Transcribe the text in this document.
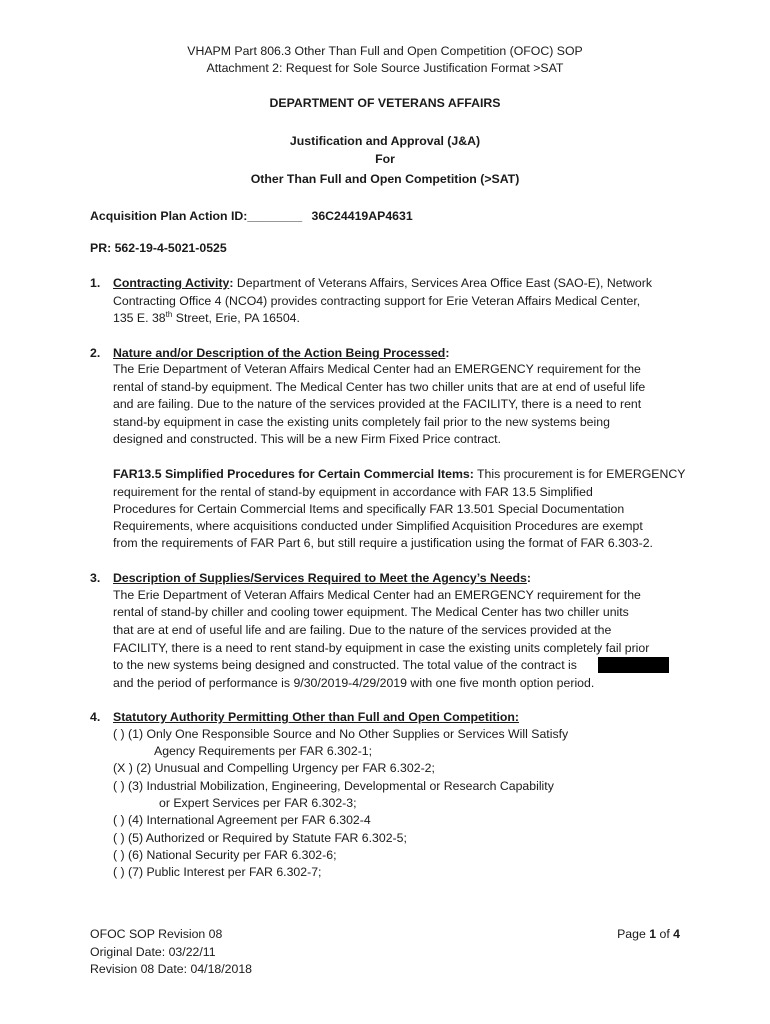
VHAPM Part 806.3 Other Than Full and Open Competition (OFOC) SOP
Attachment 2: Request for Sole Source Justification Format >SAT
DEPARTMENT OF VETERANS AFFAIRS
Justification and Approval (J&A)
For
Other Than Full and Open Competition (>SAT)
Acquisition Plan Action ID:________ 36C24419AP4631
PR: 562-19-4-5021-0525
1. Contracting Activity: Department of Veterans Affairs, Services Area Office East (SAO-E), Network
Contracting Office 4 (NCO4) provides contracting support for Erie Veteran Affairs Medical Center,
135 E. 38th Street, Erie, PA 16504.
2. Nature and/or Description of the Action Being Processed:
The Erie Department of Veteran Affairs Medical Center had an EMERGENCY requirement for the
rental of stand-by equipment. The Medical Center has two chiller units that are at end of useful life
and are failing. Due to the nature of the services provided at the FACILITY, there is a need to rent
stand-by equipment in case the existing units completely fail prior to the new systems being
designed and constructed. This will be a new Firm Fixed Price contract.
FAR13.5 Simplified Procedures for Certain Commercial Items: This procurement is for EMERGENCY
requirement for the rental of stand-by equipment in accordance with FAR 13.5 Simplified
Procedures for Certain Commercial Items and specifically FAR 13.501 Special Documentation
Requirements, where acquisitions conducted under Simplified Acquisition Procedures are exempt
from the requirements of FAR Part 6, but still require a justification using the format of FAR 6.303-2.
3. Description of Supplies/Services Required to Meet the Agency’s Needs:
The Erie Department of Veteran Affairs Medical Center had an EMERGENCY requirement for the
rental of stand-by chiller and cooling tower equipment. The Medical Center has two chiller units
that are at end of useful life and are failing. Due to the nature of the services provided at the
FACILITY, there is a need to rent stand-by equipment in case the existing units completely fail prior
to the new systems being designed and constructed. The total value of the contract is
and the period of performance is 9/30/2019-4/29/2019 with one five month option period.
4. Statutory Authority Permitting Other than Full and Open Competition:
( ) (1) Only One Responsible Source and No Other Supplies or Services Will Satisfy
Agency Requirements per FAR 6.302-1;
(X ) (2) Unusual and Compelling Urgency per FAR 6.302-2;
( ) (3) Industrial Mobilization, Engineering, Developmental or Research Capability
or Expert Services per FAR 6.302-3;
( ) (4) International Agreement per FAR 6.302-4
( ) (5) Authorized or Required by Statute FAR 6.302-5;
( ) (6) National Security per FAR 6.302-6;
( ) (7) Public Interest per FAR 6.302-7;
OFOC SOP Revision 08
Original Date: 03/22/11
Revision 08 Date: 04/18/2018
Page 1 of 4
